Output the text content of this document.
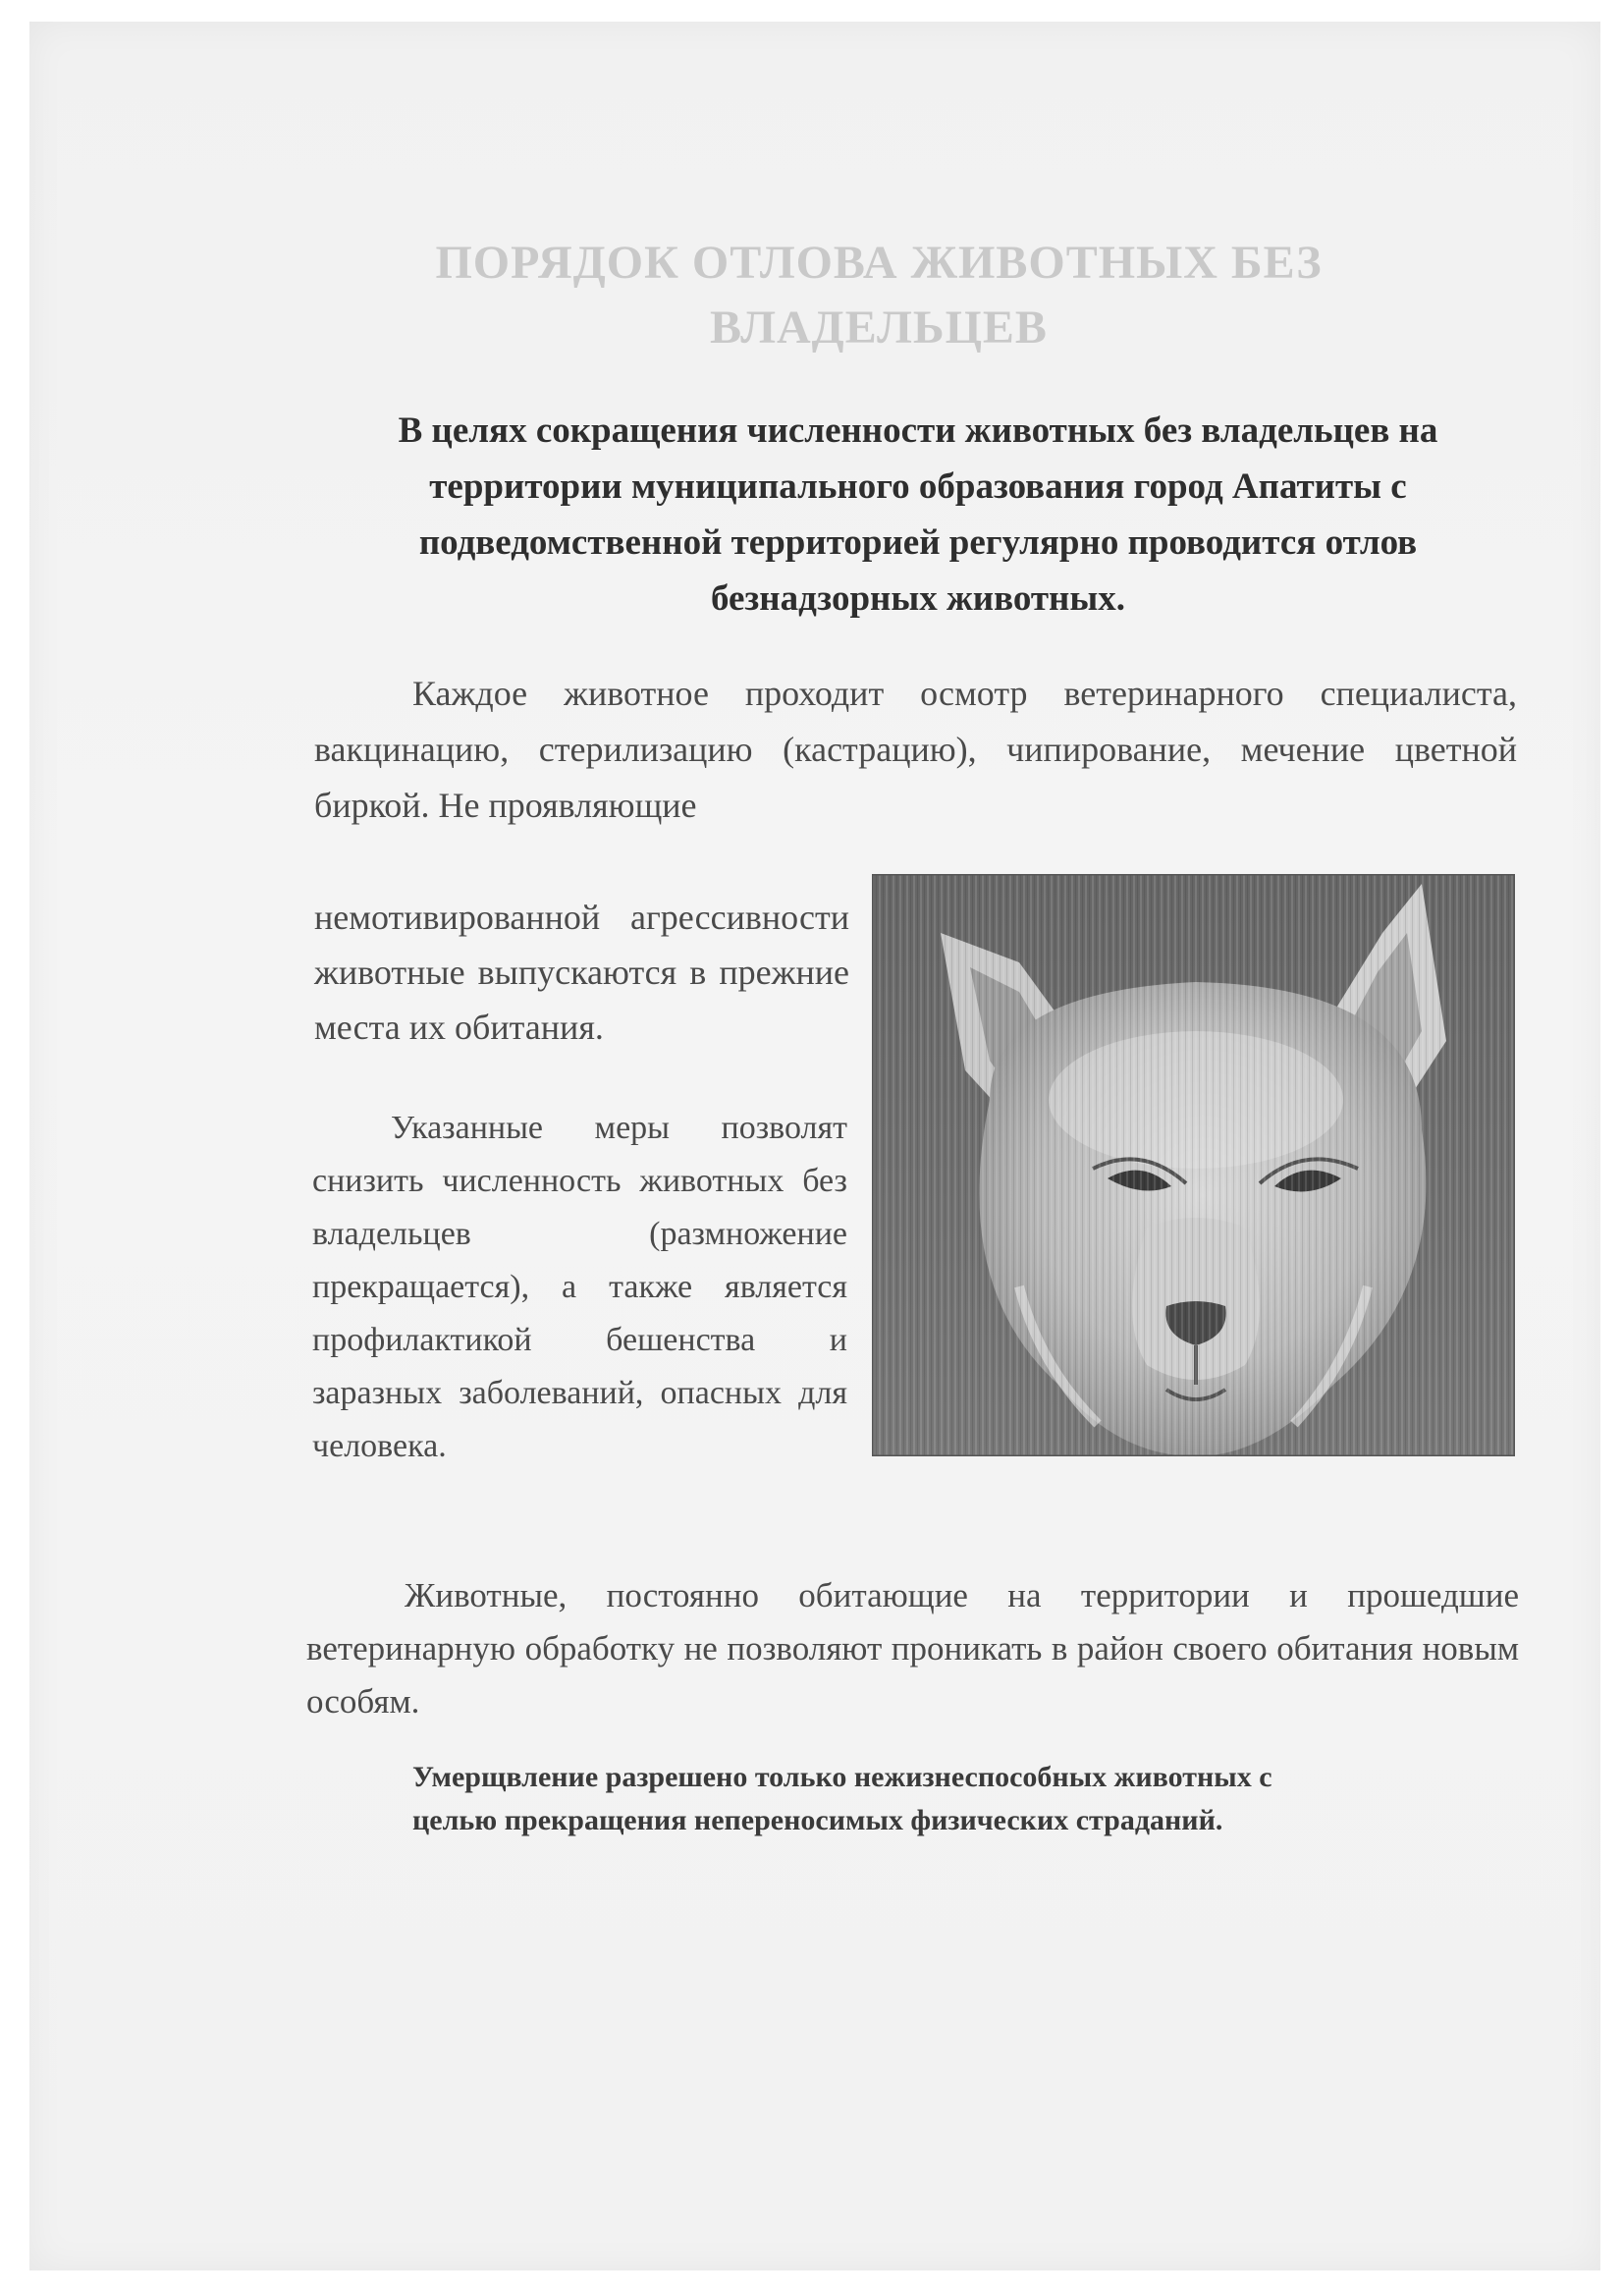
ПОРЯДОК ОТЛОВА ЖИВОТНЫХ БЕЗ
ВЛАДЕЛЬЦЕВ

В целях сокращения численности животных без владельцев на территории муниципального образования город Апатиты с подведомственной территорией регулярно проводится отлов безнадзорных животных.

Каждое животное проходит осмотр ветеринарного специалиста, вакцинацию, стерилизацию (кастрацию), чипирование, мечение цветной биркой. Не проявляющие

немотивированной агрессивности животные выпускаются в прежние места их обитания.

Указанные меры позволят снизить численность животных без владельцев (размножение прекращается), а также является профилактикой бешенства и заразных заболеваний, опасных для человека.

Животные, постоянно обитающие на территории и прошедшие ветеринарную обработку не позволяют проникать в район своего обитания новым особям.

Умерщвление разрешено только нежизнеспособных животных с
целью прекращения непереносимых физических страданий.
